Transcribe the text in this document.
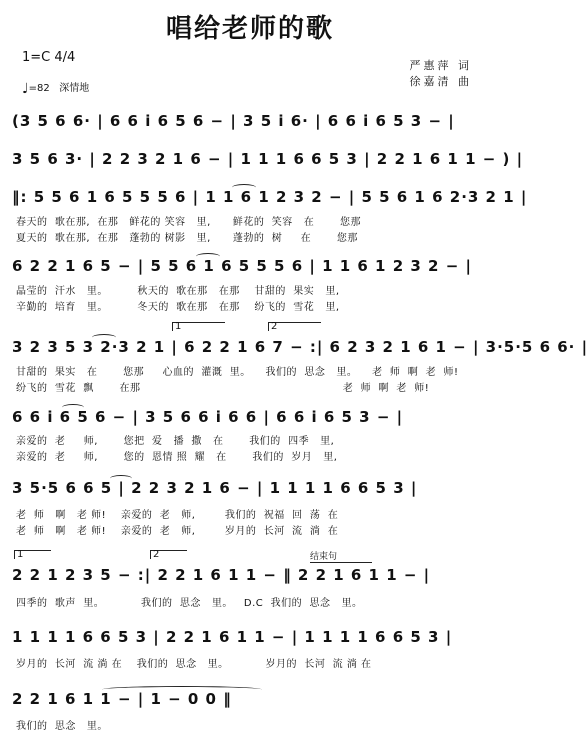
唱给老师的歌
1=C 4/4
♩=82 深情地
严惠萍 词
徐嘉清 曲
(3 5 6 6· | 6 6 i 6 5 6 − | 3 5 i 6· | 6 6 i 6 5 3 − |
3 5 6 3· | 2 2 3 2 1 6 − | 1 1 1 6 6 5 3 | 2 2 1 6 1 1 − ) |
‖: 5 5 6 1 6 5 5 5 6 | 1 1 6 1 2 3 2 − | 5 5 6 1 6 2·3 2 1 |
春天的  歌在那,  在那   鲜花的 笑容   里,      鲜花的  笑容   在       您那
夏天的  歌在那,  在那   蓬勃的 树影   里,      蓬勃的  树     在       您那
6 2 2 1 6 5 − | 5 5 6 1 6 5 5 5 6 | 1 1 6 1 2 3 2 − |
晶莹的  汗水   里。        秋天的  歌在那   在那    甘甜的  果实   里,
辛勤的  培育   里。        冬天的  歌在那   在那    纷飞的  雪花   里,
1	2
3 2 3 5 3 2·3 2 1 | 6 2 2 1 6 7 − :| 6 2 3 2 1 6 1 − | 3·5·5 6 6· |
甘甜的  果实   在       您那     心血的  灌溉  里。    我们的  思念   里。    老  师  啊  老  师!
纷飞的  雪花  飘       在那                                                       老  师  啊  老  师!
6 6 i 6 5 6 − | 3 5 6 6 i 6 6 | 6 6 i 6 5 3 − |
亲爱的  老     师,       您把  爱   播  撒   在       我们的  四季   里,
亲爱的  老     师,       您的  恩情 照  耀   在       我们的  岁月   里,
3 5·5 6 6 5 | 2 2 3 2 1 6 − | 1 1 1 1 6 6 5 3 |
老  师   啊   老 师!    亲爱的  老   师,        我们的  祝福  回  荡  在
老  师   啊   老 师!    亲爱的  老   师,        岁月的  长河  流  淌  在
1	2	结束句
2 2 1 2 3 5 − :| 2 2 1 6 1 1 − ‖ 2 2 1 6 1 1 − |
四季的  歌声  里。          我们的  思念   里。   D.C  我们的  思念   里。
1 1 1 1 6 6 5 3 | 2 2 1 6 1 1 − | 1 1 1 1 6 6 5 3 |
岁月的  长河  流 淌 在    我们的  思念   里。          岁月的  长河  流 淌 在
2 2 1 6 1 1 − | 1 − 0 0 ‖
我们的  思念   里。
